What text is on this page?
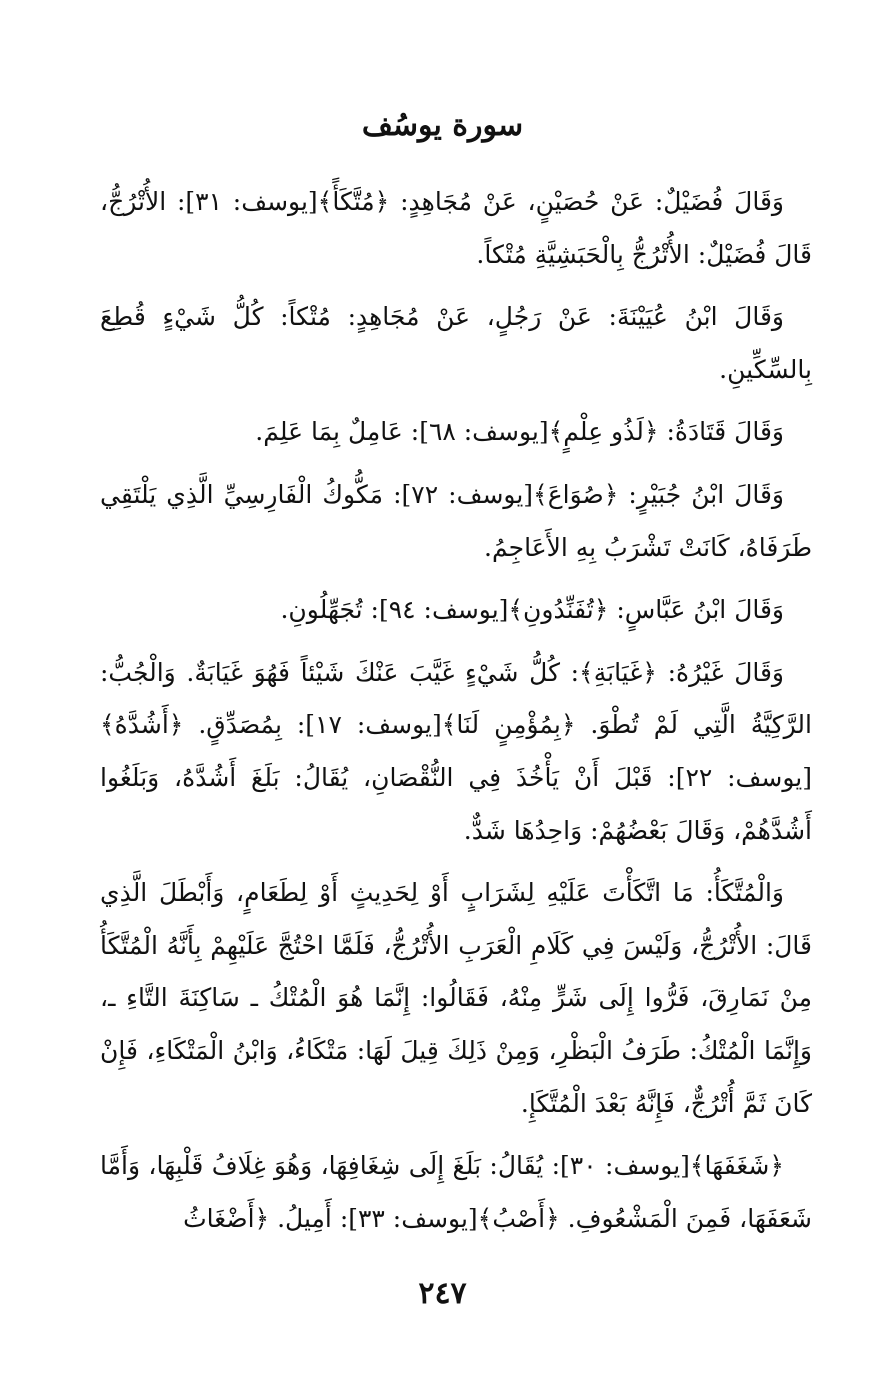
سورة يوسُف

وَقَالَ فُضَيْلٌ: عَنْ حُصَيْنٍ، عَنْ مُجَاهِدٍ: ﴿مُتَّكَأً﴾[يوسف: ٣١]: الأُتْرُجُّ، قَالَ فُضَيْلٌ: الأُتْرُجُّ بِالْحَبَشِيَّةِ مُتْكاً.

وَقَالَ ابْنُ عُيَيْنَةَ: عَنْ رَجُلٍ، عَنْ مُجَاهِدٍ: مُتْكاً: كُلُّ شَيْءٍ قُطِعَ بِالسِّكِّينِ.

وَقَالَ قَتَادَةُ: ﴿لَذُو عِلْمٍ﴾[يوسف: ٦٨]: عَامِلٌ بِمَا عَلِمَ.

وَقَالَ ابْنُ جُبَيْرٍ: ﴿صُوَاعَ﴾[يوسف: ٧٢]: مَكُّوكُ الْفَارِسِيِّ الَّذِي يَلْتَقِي طَرَفَاهُ، كَانَتْ تَشْرَبُ بِهِ الأَعَاجِمُ.

وَقَالَ ابْنُ عَبَّاسٍ: ﴿تُفَنِّدُونِ﴾[يوسف: ٩٤]: تُجَهِّلُونِ.

وَقَالَ غَيْرُهُ: ﴿غَيَابَةِ﴾: كُلُّ شَيْءٍ غَيَّبَ عَنْكَ شَيْئاً فَهُوَ غَيَابَةٌ. وَالْجُبُّ: الرَّكِيَّةُ الَّتِي لَمْ تُطْوَ. ﴿بِمُؤْمِنٍ لَنَا﴾[يوسف: ١٧]: بِمُصَدِّقٍ. ﴿أَشُدَّهُ﴾[يوسف: ٢٢]: قَبْلَ أَنْ يَأْخُذَ فِي النُّقْصَانِ، يُقَالُ: بَلَغَ أَشُدَّهُ، وَبَلَغُوا أَشُدَّهُمْ، وَقَالَ بَعْضُهُمْ: وَاحِدُهَا شَدٌّ.

وَالْمُتَّكَأُ: مَا اتَّكَأْتَ عَلَيْهِ لِشَرَابٍ أَوْ لِحَدِيثٍ أَوْ لِطَعَامٍ، وَأَبْطَلَ الَّذِي قَالَ: الأُتْرُجُّ، وَلَيْسَ فِي كَلَامِ الْعَرَبِ الأُتْرُجُّ، فَلَمَّا احْتُجَّ عَلَيْهِمْ بِأَنَّهُ الْمُتَّكَأُ مِنْ نَمَارِقَ، فَرُّوا إِلَى شَرٍّ مِنْهُ، فَقَالُوا: إِنَّمَا هُوَ الْمُتْكُ ـ سَاكِنَةَ التَّاءِ ـ، وَإِنَّمَا الْمُتْكُ: طَرَفُ الْبَظْرِ، وَمِنْ ذَلِكَ قِيلَ لَهَا: مَتْكَاءُ، وَابْنُ الْمَتْكَاءِ، فَإِنْ كَانَ ثَمَّ أُتْرُجٌّ، فَإِنَّهُ بَعْدَ الْمُتَّكَإِ.

﴿شَغَفَهَا﴾[يوسف: ٣٠]: يُقَالُ: بَلَغَ إِلَى شِغَافِهَا، وَهُوَ غِلَافُ قَلْبِهَا، وَأَمَّا شَعَفَهَا، فَمِنَ الْمَشْعُوفِ. ﴿أَصْبُ﴾[يوسف: ٣٣]: أَمِيلُ. ﴿أَضْغَاثُ

٢٤٧
